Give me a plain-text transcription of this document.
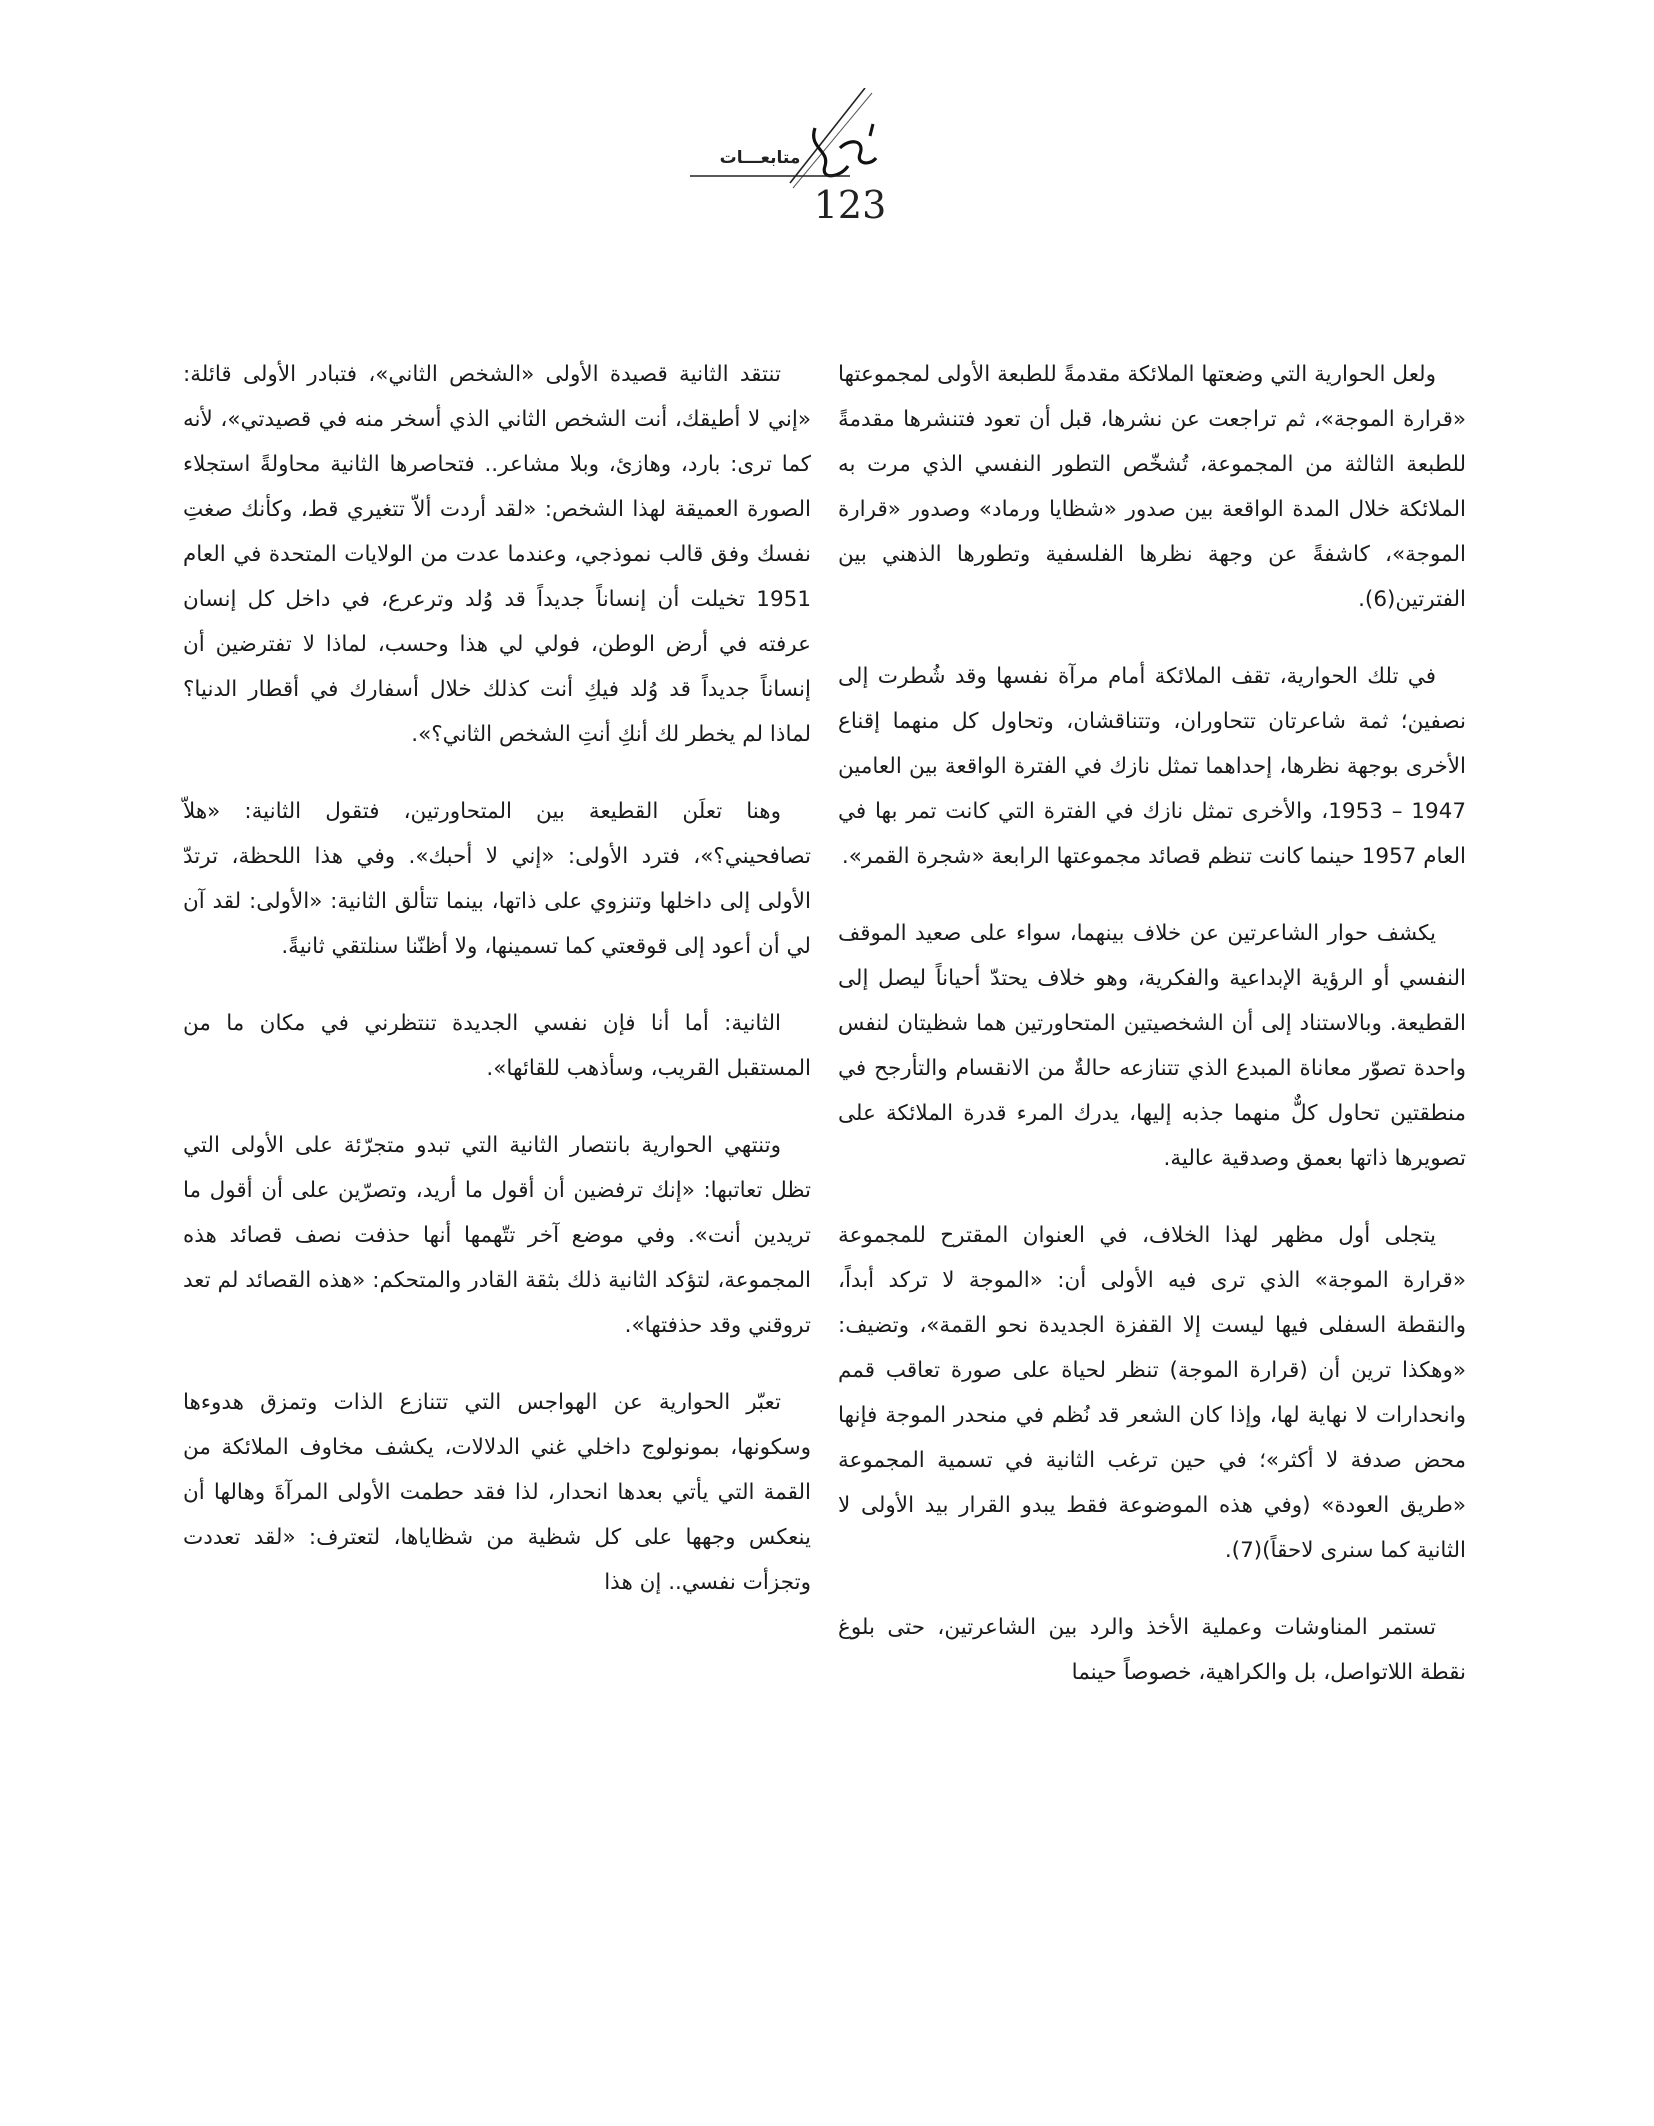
متابعـــات
123

ولعل الحوارية التي وضعتها الملائكة مقدمةً للطبعة الأولى لمجموعتها «قرارة الموجة»، ثم تراجعت عن نشرها، قبل أن تعود فتنشرها مقدمةً للطبعة الثالثة من المجموعة، تُشخّص التطور النفسي الذي مرت به الملائكة خلال المدة الواقعة بين صدور «شظايا ورماد» وصدور «قرارة الموجة»، كاشفةً عن وجهة نظرها الفلسفية وتطورها الذهني بين الفترتين(6).

في تلك الحوارية، تقف الملائكة أمام مرآة نفسها وقد شُطرت إلى نصفين؛ ثمة شاعرتان تتحاوران، وتتناقشان، وتحاول كل منهما إقناع الأخرى بوجهة نظرها، إحداهما تمثل نازك في الفترة الواقعة بين العامين 1947 – 1953، والأخرى تمثل نازك في الفترة التي كانت تمر بها في العام 1957 حينما كانت تنظم قصائد مجموعتها الرابعة «شجرة القمر».

يكشف حوار الشاعرتين عن خلاف بينهما، سواء على صعيد الموقف النفسي أو الرؤية الإبداعية والفكرية، وهو خلاف يحتدّ أحياناً ليصل إلى القطيعة. وبالاستناد إلى أن الشخصيتين المتحاورتين هما شظيتان لنفس واحدة تصوّر معاناة المبدع الذي تتنازعه حالةٌ من الانقسام والتأرجح في منطقتين تحاول كلٌّ منهما جذبه إليها، يدرك المرء قدرة الملائكة على تصويرها ذاتها بعمق وصدقية عالية.

يتجلى أول مظهر لهذا الخلاف، في العنوان المقترح للمجموعة «قرارة الموجة» الذي ترى فيه الأولى أن: «الموجة لا تركد أبداً، والنقطة السفلى فيها ليست إلا القفزة الجديدة نحو القمة»، وتضيف: «وهكذا ترين أن (قرارة الموجة) تنظر لحياة على صورة تعاقب قمم وانحدارات لا نهاية لها، وإذا كان الشعر قد نُظم في منحدر الموجة فإنها محض صدفة لا أكثر»؛ في حين ترغب الثانية في تسمية المجموعة «طريق العودة» (وفي هذه الموضوعة فقط يبدو القرار بيد الأولى لا الثانية كما سنرى لاحقاً)(7).

تستمر المناوشات وعملية الأخذ والرد بين الشاعرتين، حتى بلوغ نقطة اللاتواصل، بل والكراهية، خصوصاً حينما

تنتقد الثانية قصيدة الأولى «الشخص الثاني»، فتبادر الأولى قائلة: «إني لا أطيقك، أنت الشخص الثاني الذي أسخر منه في قصيدتي»، لأنه كما ترى: بارد، وهازئ، وبلا مشاعر.. فتحاصرها الثانية محاولةً استجلاء الصورة العميقة لهذا الشخص: «لقد أردت ألاّ تتغيري قط، وكأنك صغتِ نفسك وفق قالب نموذجي، وعندما عدت من الولايات المتحدة في العام 1951 تخيلت أن إنساناً جديداً قد وُلد وترعرع، في داخل كل إنسان عرفته في أرض الوطن، فولي لي هذا وحسب، لماذا لا تفترضين أن إنساناً جديداً قد وُلد فيكِ أنت كذلك خلال أسفارك في أقطار الدنيا؟ لماذا لم يخطر لك أنكِ أنتِ الشخص الثاني؟».

وهنا تعلَن القطيعة بين المتحاورتين، فتقول الثانية: «هلاّ تصافحيني؟»، فترد الأولى: «إني لا أحبك». وفي هذا اللحظة، ترتدّ الأولى إلى داخلها وتنزوي على ذاتها، بينما تتألق الثانية: «الأولى: لقد آن لي أن أعود إلى قوقعتي كما تسمينها، ولا أظنّنا سنلتقي ثانيةً.

الثانية: أما أنا فإن نفسي الجديدة تنتظرني في مكان ما من المستقبل القريب، وسأذهب للقائها».

وتنتهي الحوارية بانتصار الثانية التي تبدو متجرّئة على الأولى التي تظل تعاتبها: «إنك ترفضين أن أقول ما أريد، وتصرّين على أن أقول ما تريدين أنت». وفي موضع آخر تتّهمها أنها حذفت نصف قصائد هذه المجموعة، لتؤكد الثانية ذلك بثقة القادر والمتحكم: «هذه القصائد لم تعد تروقني وقد حذفتها».

تعبّر الحوارية عن الهواجس التي تتنازع الذات وتمزق هدوءها وسكونها، بمونولوج داخلي غني الدلالات، يكشف مخاوف الملائكة من القمة التي يأتي بعدها انحدار، لذا فقد حطمت الأولى المرآةَ وهالها أن ينعكس وجهها على كل شظية من شظاياها، لتعترف: «لقد تعددت وتجزأت نفسي.. إن هذا
